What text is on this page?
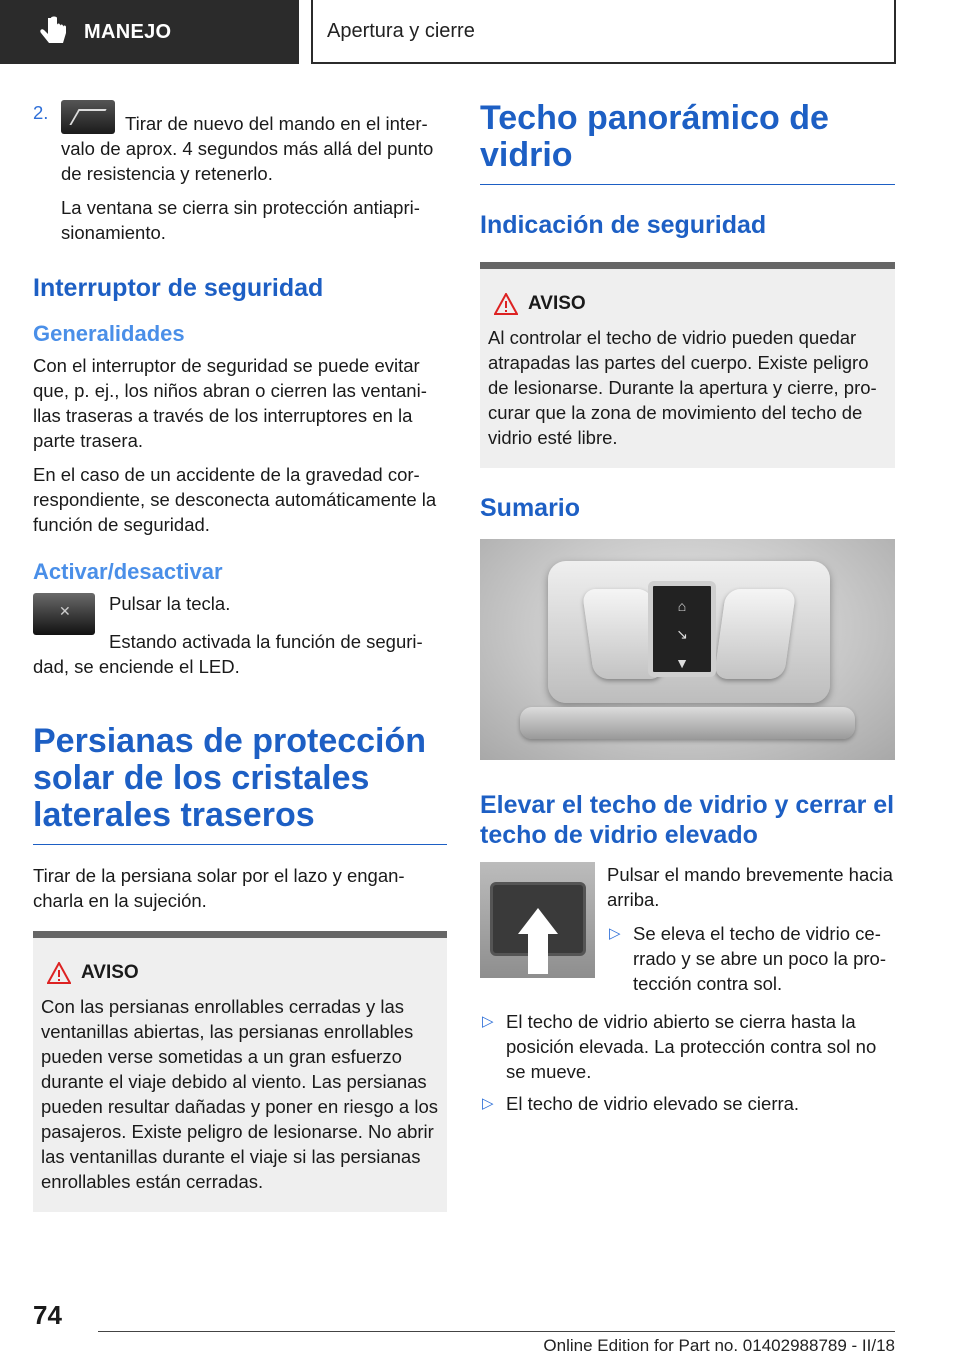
MANEJO	Apertura y cierre
2.

Tirar de nuevo del mando en el intervalo de aprox. 4 segundos más allá del punto de resistencia y retenerlo.

La ventana se cierra sin protección antiaprisionamiento.

Interruptor de seguridad
Generalidades

Con el interruptor de seguridad se puede evitar que, p. ej., los niños abran o cierren las ventanillas traseras a través de los interruptores en la parte trasera.

En el caso de un accidente de la gravedad correspondiente, se desconecta automáticamente la función de seguridad.

Activar/desactivar
✕

Pulsar la tecla.

Estando activada la función de seguridad, se enciende el LED.

Persianas de protección solar de los cristales laterales traseros

Tirar de la persiana solar por el lazo y engancharla en la sujeción.

AVISO

Con las persianas enrollables cerradas y las ventanillas abiertas, las persianas enrollables pueden verse sometidas a un gran esfuerzo durante el viaje debido al viento. Las persianas pueden resultar dañadas y poner en riesgo a los pasajeros. Existe peligro de lesionarse. No abrir las ventanillas durante el viaje si las persianas enrollables están cerradas.

Techo panorámico de vidrio
Indicación de seguridad
AVISO

Al controlar el techo de vidrio pueden quedar atrapadas las partes del cuerpo. Existe peligro de lesionarse. Durante la apertura y cierre, procurar que la zona de movimiento del techo de vidrio esté libre.

Sumario
⌂
↘
▼
Elevar el techo de vidrio y cerrar el techo de vidrio elevado

Pulsar el mando brevemente hacia arriba.

▷ Se eleva el techo de vidrio cerrado y se abre un poco la protección contra sol.

▷ El techo de vidrio abierto se cierra hasta la posición elevada. La protección contra sol no se mueve.

▷ El techo de vidrio elevado se cierra.

74
Online Edition for Part no. 01402988789 - II/18
